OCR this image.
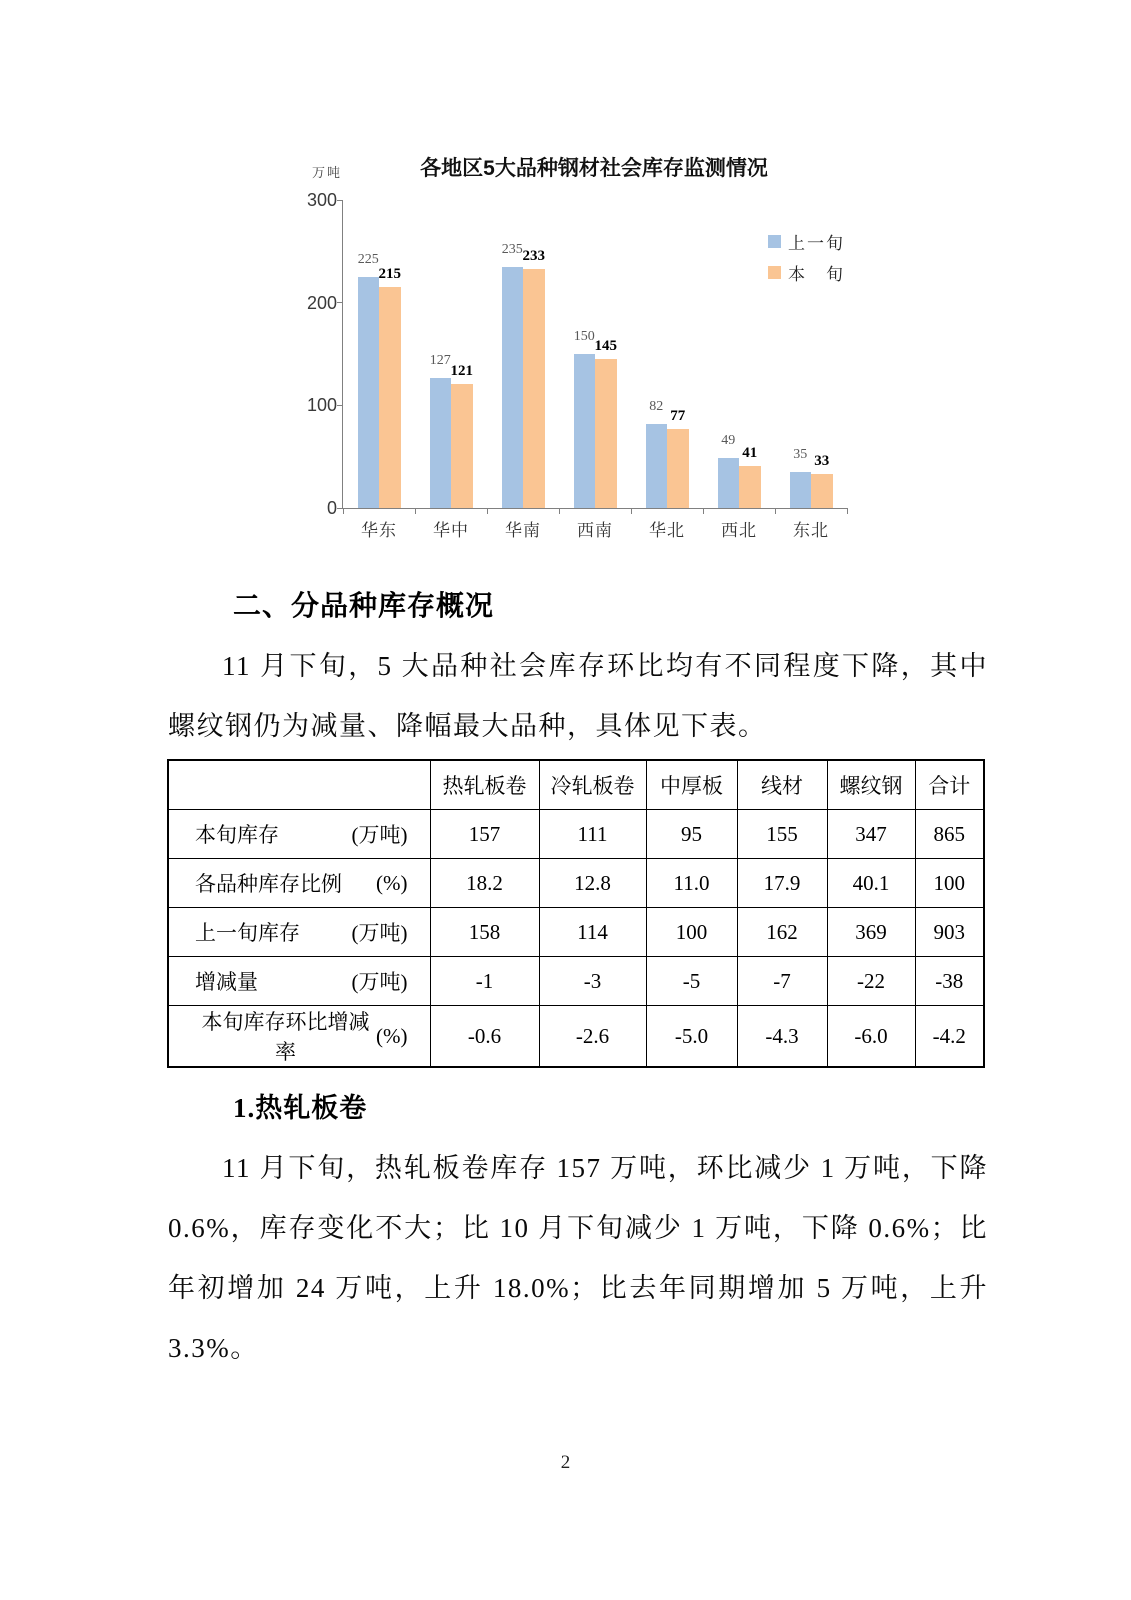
万吨	各地区5大品种钢材社会库存监测情况
0
100
200
300
225
215
华东
127
121
华中
235 233
华南
150
145
西南
82
77
华北
49
41
西北
35 33
东北
上一旬
本　旬
二、分品种库存概况

11 月下旬，5 大品种社会库存环比均有不同程度下降，其中螺纹钢仍为减量、降幅最大品种，具体见下表。

	热轧板卷	冷轧板卷	中厚板	线材	螺纹钢	合计

本旬库存 (万吨)	157	111	95	155	347	865

各品种库存比例 (%)	18.2	12.8	11.0	17.9	40.1	100

上一旬库存 (万吨)	158	114	100	162	369	903

增减量 (万吨)	-1	-3	-5	-7	-22	-38

本旬库存环比增减率
(%)	-0.6	-2.6	-5.0	-4.3	-6.0	-4.2
1.热轧板卷

11 月下旬，热轧板卷库存 157 万吨，环比减少 1 万吨，下降 0.6%，库存变化不大；比 10 月下旬减少 1 万吨，下降 0.6%；比年初增加 24 万吨，上升 18.0%；比去年同期增加 5 万吨，上升 3.3%。

2
